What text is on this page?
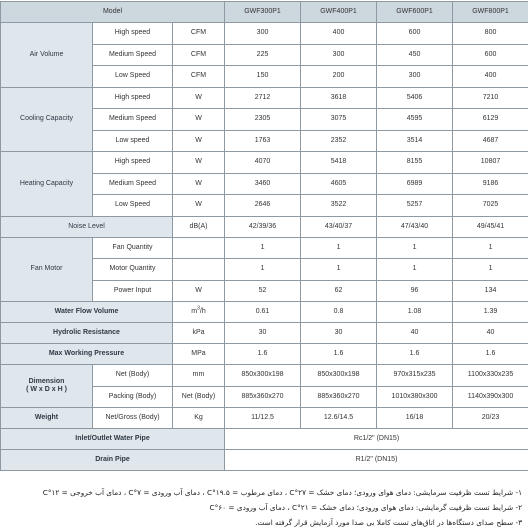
Model			GWF300P1	GWF400P1	GWF600P1	GWF800P1
Air Volume	High speed	CFM	300	400	600	800
	Medium Speed	CFM	225	300	450	600
	Low Speed	CFM	150	200	300	400
Cooling Capacity	High speed	W	2712	3618	5406	7210
	Medium Speed	W	2305	3075	4595	6129
	Low speed	W	1763	2352	3514	4687
Heating Capacity	High speed	W	4070	5418	8155	10807
	Medium Speed	W	3460	4605	6989	9186
	Low Speed	W	2646	3522	5257	7025
Noise Level		dB(A)	42/39/36	43/40/37	47/43/40	49/45/41
Fan Motor	Fan Quantity		1	1	1	1
	Motor Quantity		1	1	1	1
	Power Input	W	52	62	96	134
Water Flow Volume		$m^3/h$	0.61	0.8	1.08	1.39
Hydrolic Resistance		kPa	30	30	40	40
Max Working Pressure		MPa	1.6	1.6	1.6	1.6

Dimension
( W x D x H )	Net (Body)	mm	850x300x198	850x300x198	970x315x235	1100x330x235
	Packing (Body)	Net (Body)	885x360x270	885x360x270	1010x380x300	1140x390x300
Weight	Net/Gross (Body)	Kg	11/12.5	12.6/14.5	16/18	20/23
Inlet/Outlet Water Pipe			Rc1/2" (DN15)			
Drain Pipe			R1/2" (DN15)			
۱- شرایط تست ظرفیت سرمایشی: دمای هوای ورودی؛ دمای خشک = ۲۷°C ، دمای مرطوب = ۱۹.۵°C ، دمای آب ورودی = ۷°C ، دمای آب خروجی = ۱۲°C
۲- شرایط تست ظرفیت گرمایشی: دمای هوای ورودی؛ دمای خشک = ۲۱°C ، دمای آب ورودی = ۶۰°C
۳- سطح صدای دستگاه‌ها در اتاق‌های تست کاملا بی صدا مورد آزمایش قرار گرفته است.
